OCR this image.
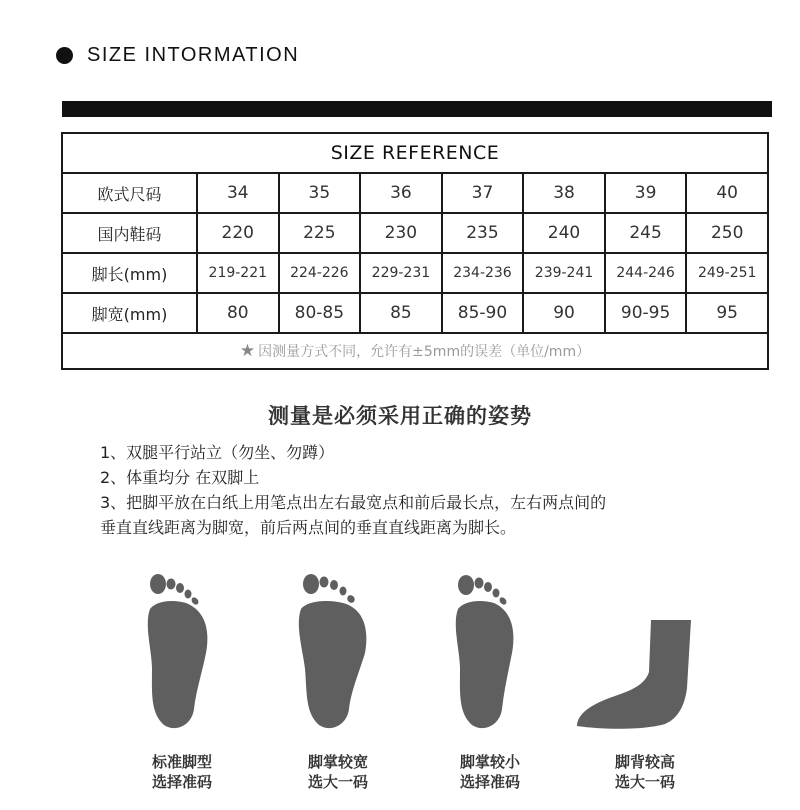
SIZE INTORMATION
SIZE REFERENCE							
欧式尺码	34	35	36	37	38	39	40
国内鞋码	220	225	230	235	240	245	250
脚长(mm)	219-221	224-226	229-231	234-236	239-241	244-246	249-251
脚宽(mm)	80	80-85	85	85-90	90	90-95	95
★ 因测量方式不同，允许有±5mm的误差（单位/mm）							
测量是必须采用正确的姿势

1、双腿平行站立（勿坐、勿蹲）

2、体重均分 在双脚上

3、把脚平放在白纸上用笔点出左右最宽点和前后最长点，左右两点间的

垂直直线距离为脚宽，前后两点间的垂直直线距离为脚长。

标准脚型
选择准码
脚掌较宽
选大一码
脚掌较小
选择准码
脚背较高
选大一码
